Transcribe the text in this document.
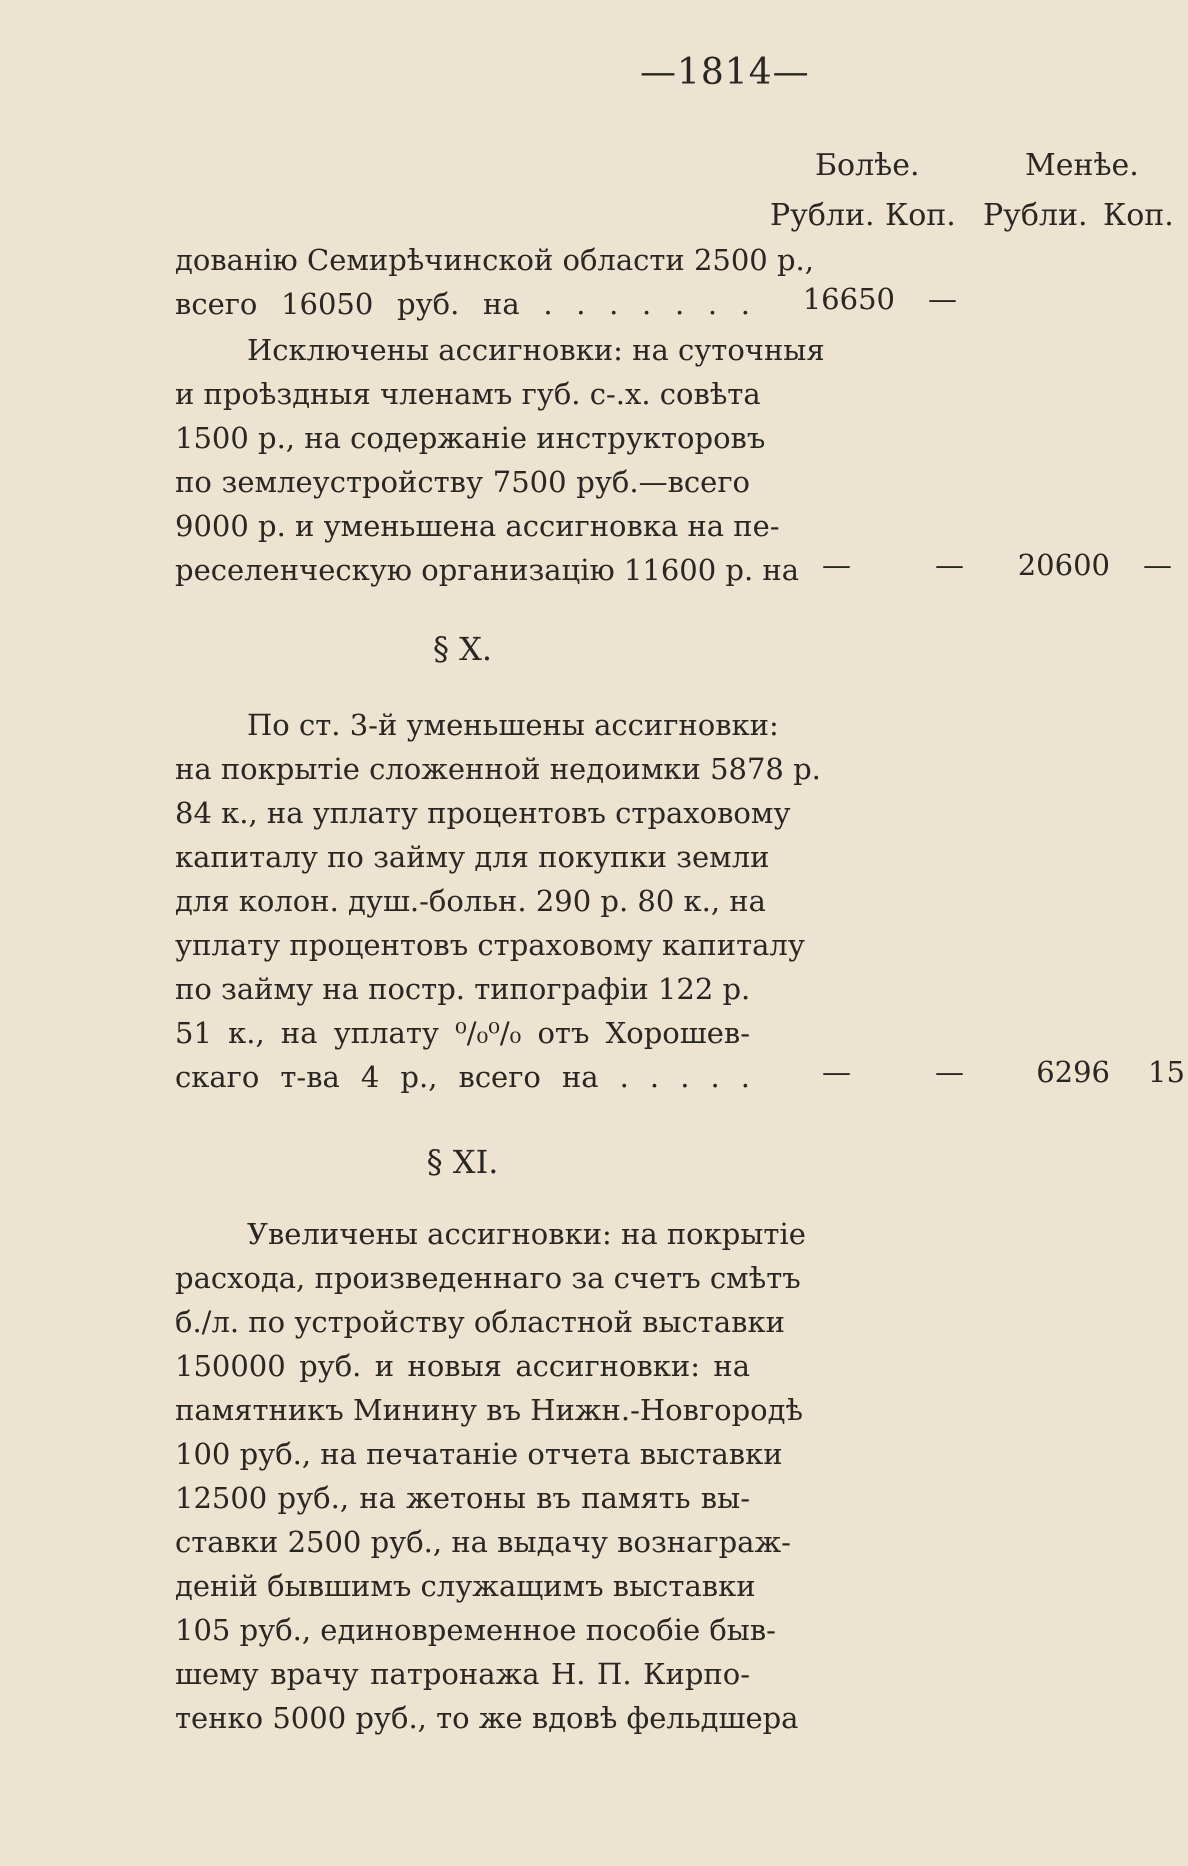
—1814—
Болѣе.	Менѣе.
Рубли. Коп. Рубли. Коп.
дованію Семирѣчинской области 2500 р.,
всего 16050 руб. на . . . . . . .	16650 —
Исключены ассигновки: на суточныя
и проѣздныя членамъ губ. с-.х. совѣта
1500 р., на содержаніе инструкторовъ
по землеустройству 7500 руб.—всего
9000 р. и уменьшена ассигновка на пе-
реселенческую организацію 11600 р. на —	—	20600 —
§ X.
По ст. 3-й уменьшены ассигновки:
на покрытіе сложенной недоимки 5878 р.
84 к., на уплату процентовъ страховому
капиталу по займу для покупки земли
для колон. душ.-больн. 290 р. 80 к., на
уплату процентовъ страховому капиталу
по займу на постр. типографіи 122 р.
51 к., на уплату ⁰/₀⁰/₀ отъ Хорошев-
скаго т-ва 4 р., всего на . . . . . —	—	6296 15
§ XI.
Увеличены ассигновки: на покрытіе
расхода, произведеннаго за счетъ смѣтъ
б./л. по устройству областной выставки
150000 руб. и новыя ассигновки: на
памятникъ Минину въ Нижн.-Новгородѣ
100 руб., на печатаніе отчета выставки
12500 руб., на жетоны въ память вы-
ставки 2500 руб., на выдачу вознаграж-
деній бывшимъ служащимъ выставки
105 руб., единовременное пособіе быв-
шему врачу патронажа Н. П. Кирпо-
тенко 5000 руб., то же вдовѣ фельдшера
